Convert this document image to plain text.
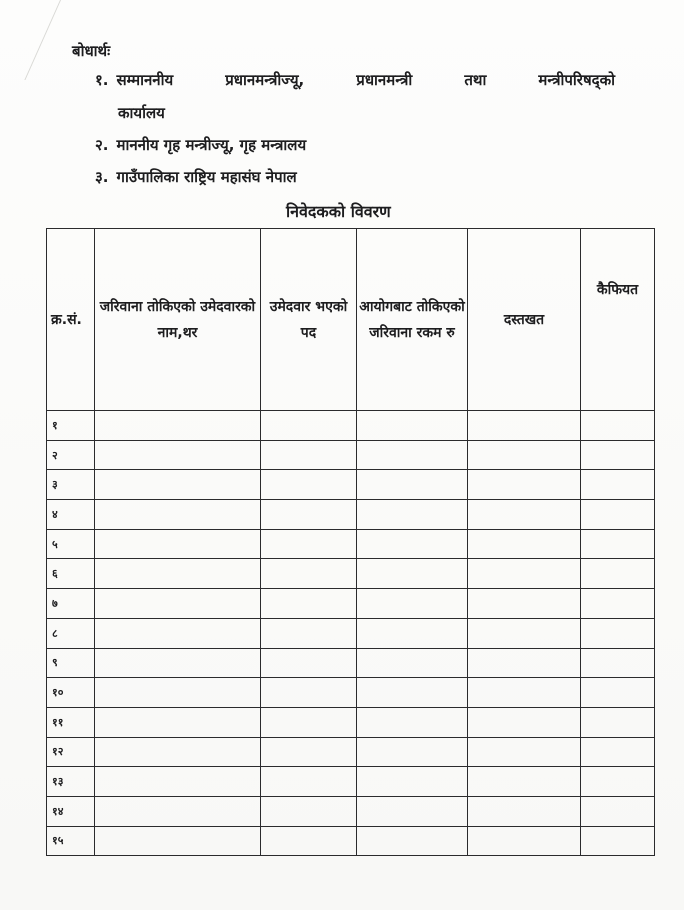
बोधार्थः
१. सम्माननीय	प्रधानमन्त्रीज्यू,	प्रधानमन्त्री	तथा	मन्त्रीपरिषद्को
कार्यालय
२. माननीय गृह मन्त्रीज्यू, गृह मन्त्रालय
३. गाउँपालिका राष्ट्रिय महासंघ नेपाल
निवेदकको विवरण
क्र.सं.	जरिवाना तोकिएको उमेदवारको नाम,थर	उमेदवार भएको पद	आयोगबाट तोकिएको जरिवाना रकम रु	दस्तखत	कैफियत
१					
२					
३					
४					
५					
६					
७					
८					
९					
१०					
११					
१२					
१३					
१४					
१५					
